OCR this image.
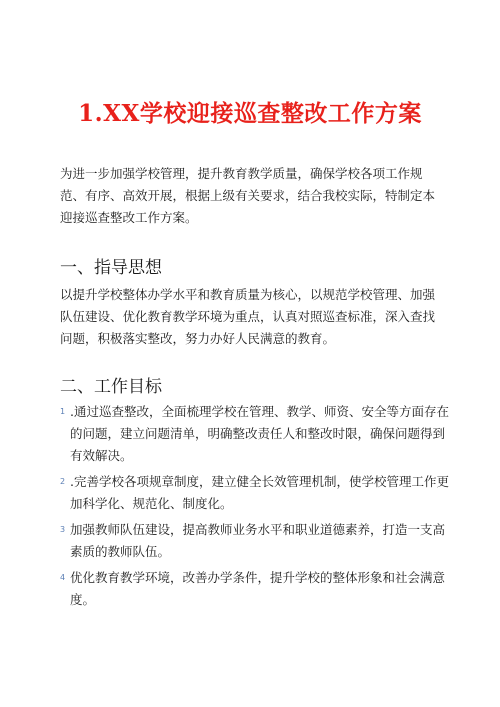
1.XX学校迎接巡查整改工作方案

为进一步加强学校管理，提升教育教学质量，确保学校各项工作规范、有序、高效开展，根据上级有关要求，结合我校实际，特制定本迎接巡查整改工作方案。

一、指导思想

以提升学校整体办学水平和教育质量为核心，以规范学校管理、加强队伍建设、优化教育教学环境为重点，认真对照巡查标准，深入查找问题，积极落实整改，努力办好人民满意的教育。

二、工作目标
1 .通过巡查整改，全面梳理学校在管理、教学、师资、安全等方面存在的问题，建立问题清单，明确整改责任人和整改时限，确保问题得到有效解决。
2 .完善学校各项规章制度，建立健全长效管理机制，使学校管理工作更加科学化、规范化、制度化。
3 加强教师队伍建设，提高教师业务水平和职业道德素养，打造一支高素质的教师队伍。
4 优化教育教学环境，改善办学条件，提升学校的整体形象和社会满意度。
